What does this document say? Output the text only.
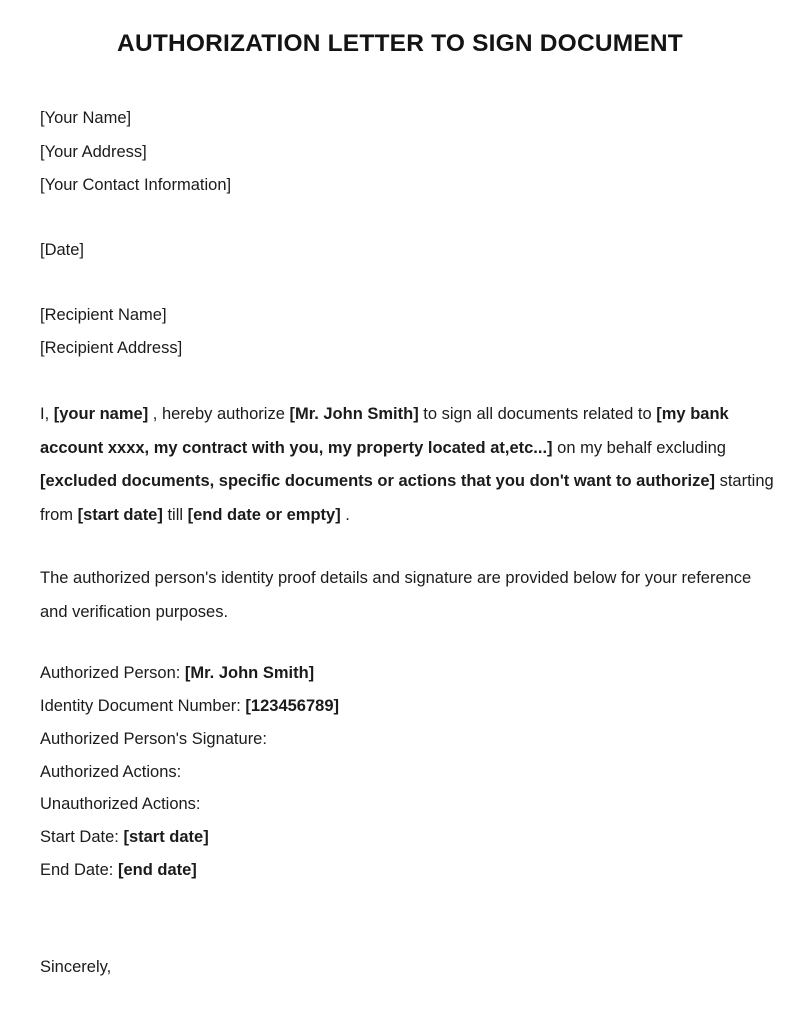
AUTHORIZATION LETTER TO SIGN DOCUMENT
[Your Name]
[Your Address]
[Your Contact Information]
[Date]
[Recipient Name]
[Recipient Address]
I, [your name] , hereby authorize [Mr. John Smith] to sign all documents related to [my bank account xxxx, my contract with you, my property located at,etc...] on my behalf excluding [excluded documents, specific documents or actions that you don't want to authorize] starting from [start date] till [end date or empty] .
The authorized person's identity proof details and signature are provided below for your reference and verification purposes.
Authorized Person: [Mr. John Smith]
Identity Document Number: [123456789]
Authorized Person's Signature:
Authorized Actions:
Unauthorized Actions:
Start Date: [start date]
End Date: [end date]
Sincerely,
